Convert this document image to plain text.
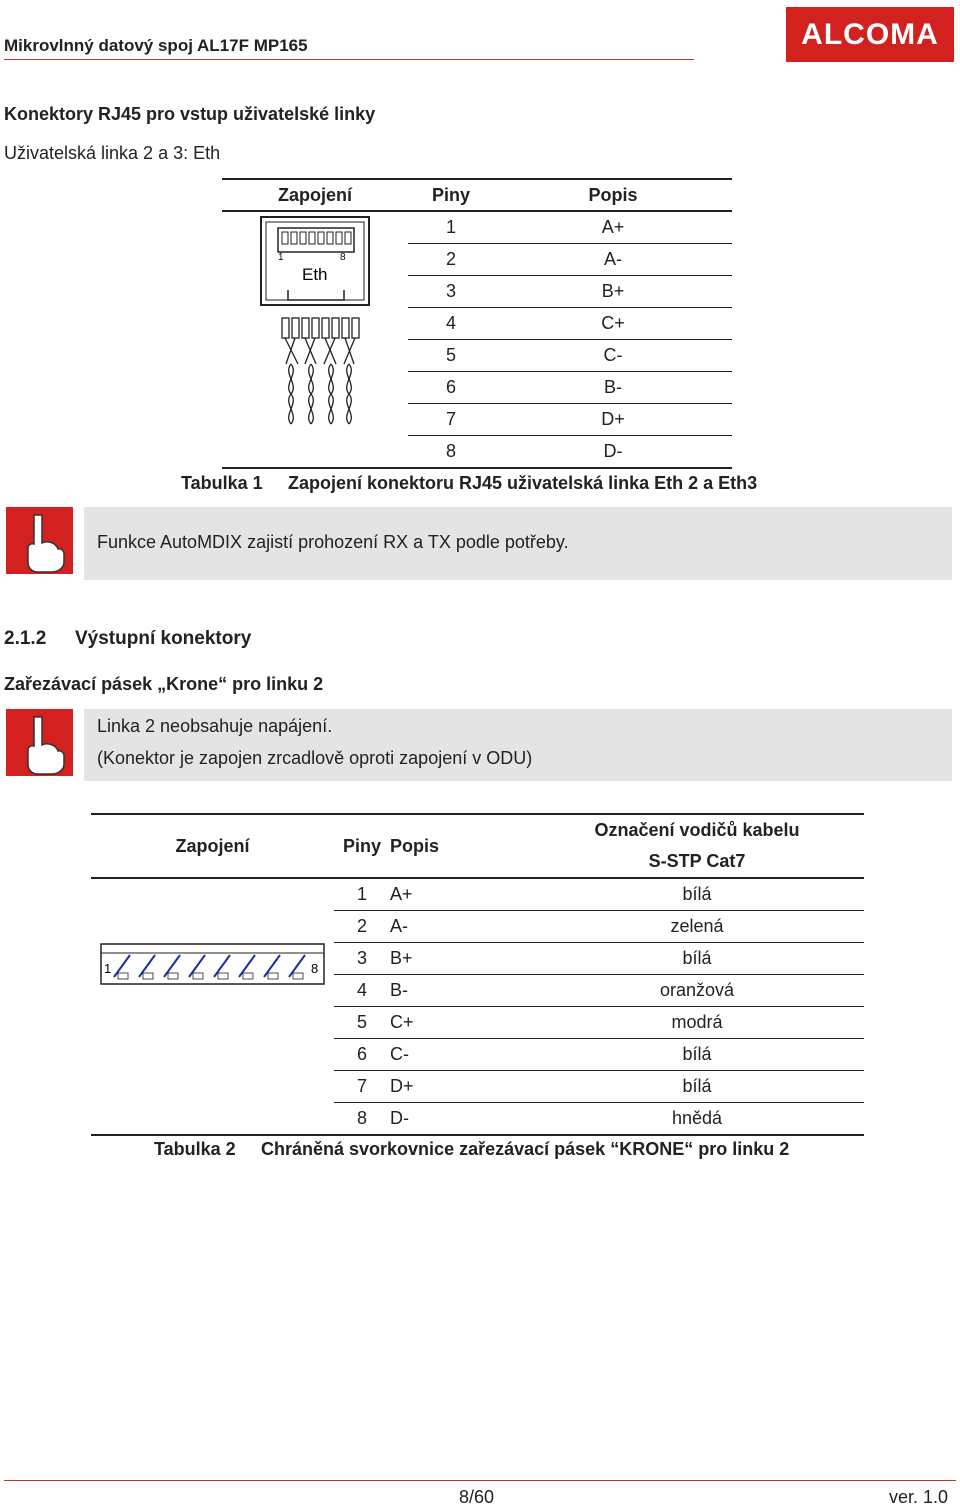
Mikrovlnný datový spoj AL17F MP165	ALCOMA
Konektory RJ45 pro vstup uživatelské linky
Uživatelská linka 2 a 3: Eth
Zapojení	Piny	Popis
	1	A+
	2	A-
	3	B+
	4	C+
	5	C-
	6	B-
	7	D+
	8	D-
1	8
Eth
Tabulka 1 Zapojení konektoru RJ45 uživatelská linka Eth 2 a Eth3
Funkce AutoMDIX zajistí prohození RX a TX podle potřeby.
2.1.2 Výstupní konektory
Zařezávací pásek „Krone“ pro linku 2
Linka 2 neobsahuje napájení.
(Konektor je zapojen zrcadlově oproti zapojení v ODU)
Zapojení	Piny	Popis	Označení vodičů kabelu
S-STP Cat7

	1	A+	bílá
	2	A-	zelená
	3	B+	bílá
	4	B-	oranžová
	5	C+	modrá
	6	C-	bílá
	7	D+	bílá
	8	D-	hnědá
1	8
Tabulka 2 Chráněná svorkovnice zařezávací pásek “KRONE“ pro linku 2
8/60	ver. 1.0
